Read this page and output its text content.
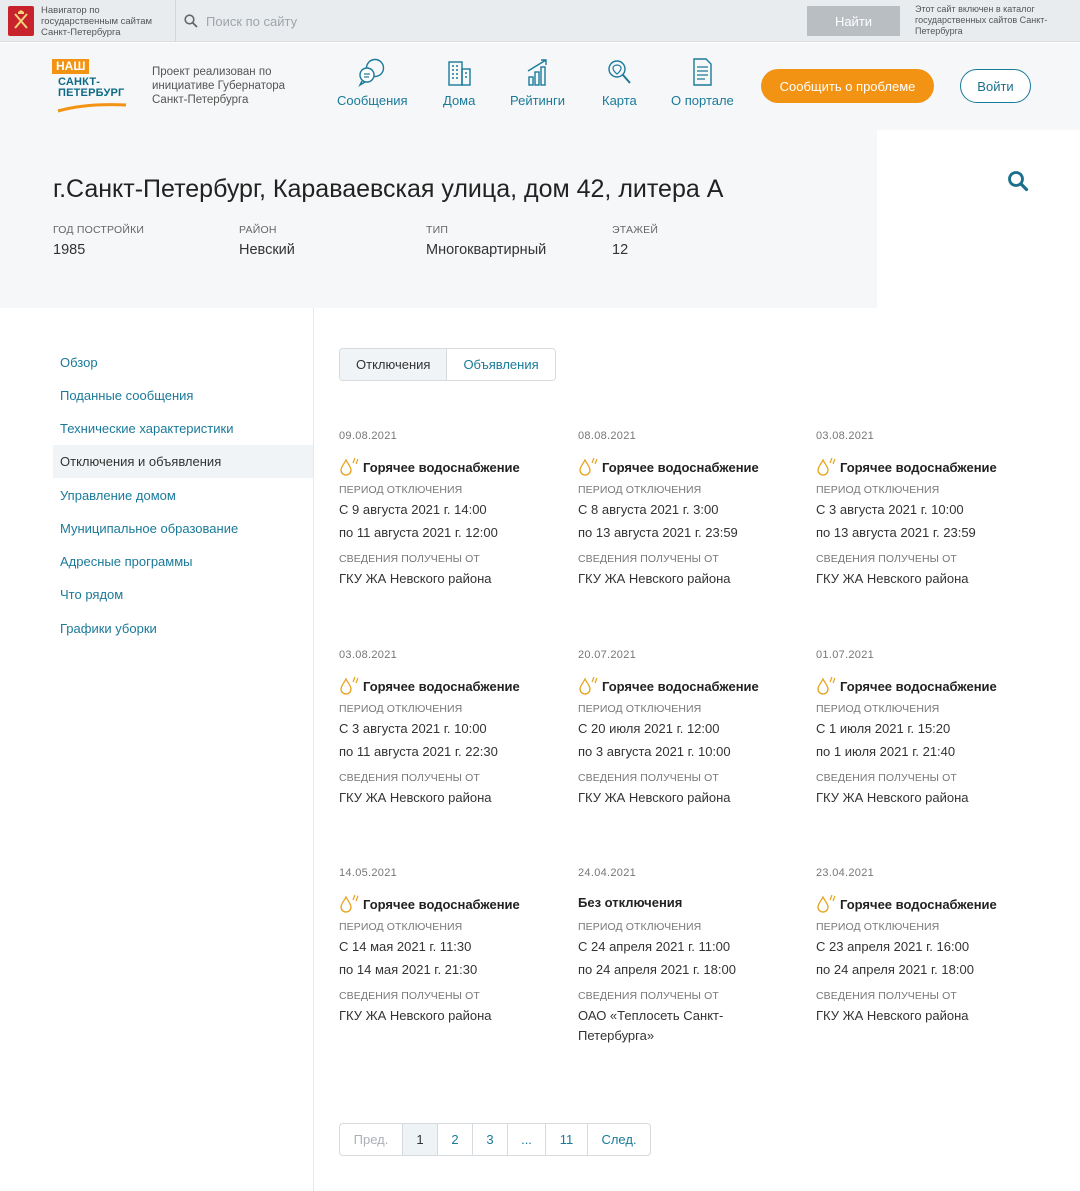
Навигатор по государственным сайтам Санкт-Петербурга
Поиск по сайту
Найти
Этот сайт включен в каталог государственных сайтов Санкт-Петербурга
НАШ
САНКТ-
ПЕТЕРБУРГ
Проект реализован по инициативе Губернатора Санкт-Петербурга	Сообщения	Дома	Рейтинги	Карта	О портале
Сообщить о проблеме	Войти
г.Санкт-Петербург, Караваевская улица, дом 42, литера А
ГОД ПОСТРОЙКИ
1985
РАЙОН
Невский
ТИП
Многоквартирный
ЭТАЖЕЙ
12
Обзор
Поданные сообщения
Технические характеристики
Отключения и объявления
Управление домом
Муниципальное образование
Адресные программы
Что рядом
Графики уборки
Отключения	Объявления
09.08.2021
Горячее водоснабжение
ПЕРИОД ОТКЛЮЧЕНИЯ
С 9 августа 2021 г. 14:00
по 11 августа 2021 г. 12:00
СВЕДЕНИЯ ПОЛУЧЕНЫ ОТ
ГКУ ЖА Невского района
08.08.2021
Горячее водоснабжение
ПЕРИОД ОТКЛЮЧЕНИЯ
С 8 августа 2021 г. 3:00
по 13 августа 2021 г. 23:59
СВЕДЕНИЯ ПОЛУЧЕНЫ ОТ
ГКУ ЖА Невского района
03.08.2021
Горячее водоснабжение
ПЕРИОД ОТКЛЮЧЕНИЯ
С 3 августа 2021 г. 10:00
по 13 августа 2021 г. 23:59
СВЕДЕНИЯ ПОЛУЧЕНЫ ОТ
ГКУ ЖА Невского района
03.08.2021
Горячее водоснабжение
ПЕРИОД ОТКЛЮЧЕНИЯ
С 3 августа 2021 г. 10:00
по 11 августа 2021 г. 22:30
СВЕДЕНИЯ ПОЛУЧЕНЫ ОТ
ГКУ ЖА Невского района
20.07.2021
Горячее водоснабжение
ПЕРИОД ОТКЛЮЧЕНИЯ
С 20 июля 2021 г. 12:00
по 3 августа 2021 г. 10:00
СВЕДЕНИЯ ПОЛУЧЕНЫ ОТ
ГКУ ЖА Невского района
01.07.2021
Горячее водоснабжение
ПЕРИОД ОТКЛЮЧЕНИЯ
С 1 июля 2021 г. 15:20
по 1 июля 2021 г. 21:40
СВЕДЕНИЯ ПОЛУЧЕНЫ ОТ
ГКУ ЖА Невского района
14.05.2021
Горячее водоснабжение
ПЕРИОД ОТКЛЮЧЕНИЯ
С 14 мая 2021 г. 11:30
по 14 мая 2021 г. 21:30
СВЕДЕНИЯ ПОЛУЧЕНЫ ОТ
ГКУ ЖА Невского района
24.04.2021
Без отключения
ПЕРИОД ОТКЛЮЧЕНИЯ
С 24 апреля 2021 г. 11:00
по 24 апреля 2021 г. 18:00
СВЕДЕНИЯ ПОЛУЧЕНЫ ОТ
ОАО «Теплосеть Санкт-Петербурга»
23.04.2021
Горячее водоснабжение
ПЕРИОД ОТКЛЮЧЕНИЯ
С 23 апреля 2021 г. 16:00
по 24 апреля 2021 г. 18:00
СВЕДЕНИЯ ПОЛУЧЕНЫ ОТ
ГКУ ЖА Невского района
Пред.	1	2	3	...	11	След.
